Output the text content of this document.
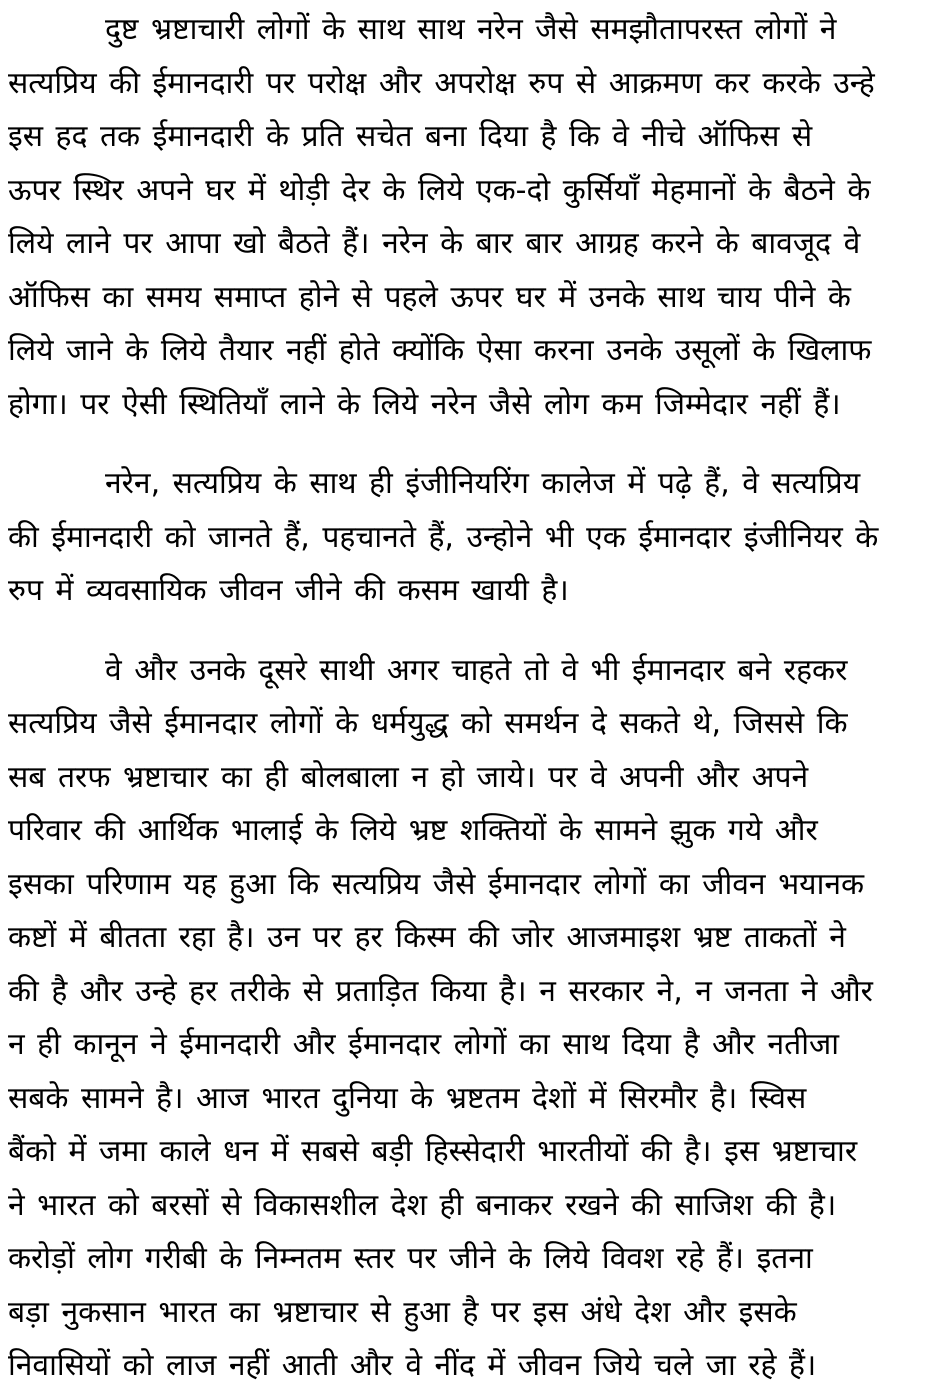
दुष्ट भ्रष्टाचारी लोगों के साथ साथ नरेन जैसे समझौतापरस्त लोगों ने
सत्यप्रिय की ईमानदारी पर परोक्ष और अपरोक्ष रुप से आक्रमण कर करके उन्हे
इस हद तक ईमानदारी के प्रति सचेत बना दिया है कि वे नीचे ऑफिस से
ऊपर स्थिर अपने घर में थोड़ी देर के लिये एक-दो कुर्सियाँ मेहमानों के बैठने के
लिये लाने पर आपा खो बैठते हैं। नरेन के बार बार आग्रह करने के बावजूद वे
ऑफिस का समय समाप्त होने से पहले ऊपर घर में उनके साथ चाय पीने के
लिये जाने के लिये तैयार नहीं होते क्योंकि ऐसा करना उनके उसूलों के खिलाफ
होगा। पर ऐसी स्थितियाँ लाने के लिये नरेन जैसे लोग कम जिम्मेदार नहीं हैं।
नरेन, सत्यप्रिय के साथ ही इंजीनियरिंग कालेज में पढ़े हैं, वे सत्यप्रिय
की ईमानदारी को जानते हैं, पहचानते हैं, उन्होने भी एक ईमानदार इंजीनियर के
रुप में व्यवसायिक जीवन जीने की कसम खायी है।
वे और उनके दूसरे साथी अगर चाहते तो वे भी ईमानदार बने रहकर
सत्यप्रिय जैसे ईमानदार लोगों के धर्मयुद्ध को समर्थन दे सकते थे, जिससे कि
सब तरफ भ्रष्टाचार का ही बोलबाला न हो जाये। पर वे अपनी और अपने
परिवार की आर्थिक भालाई के लिये भ्रष्ट शक्तियों के सामने झुक गये और
इसका परिणाम यह हुआ कि सत्यप्रिय जैसे ईमानदार लोगों का जीवन भयानक
कष्टों में बीतता रहा है। उन पर हर किस्म की जोर आजमाइश भ्रष्ट ताकतों ने
की है और उन्हे हर तरीके से प्रताड़ित किया है। न सरकार ने, न जनता ने और
न ही कानून ने ईमानदारी और ईमानदार लोगों का साथ दिया है और नतीजा
सबके सामने है। आज भारत दुनिया के भ्रष्टतम देशों में सिरमौर है। स्विस
बैंको में जमा काले धन में सबसे बड़ी हिस्सेदारी भारतीयों की है। इस भ्रष्टाचार
ने भारत को बरसों से विकासशील देश ही बनाकर रखने की साजिश की है।
करोड़ों लोग गरीबी के निम्नतम स्तर पर जीने के लिये विवश रहे हैं। इतना
बड़ा नुकसान भारत का भ्रष्टाचार से हुआ है पर इस अंधे देश और इसके
निवासियों को लाज नहीं आती और वे नींद में जीवन जिये चले जा रहे हैं।
